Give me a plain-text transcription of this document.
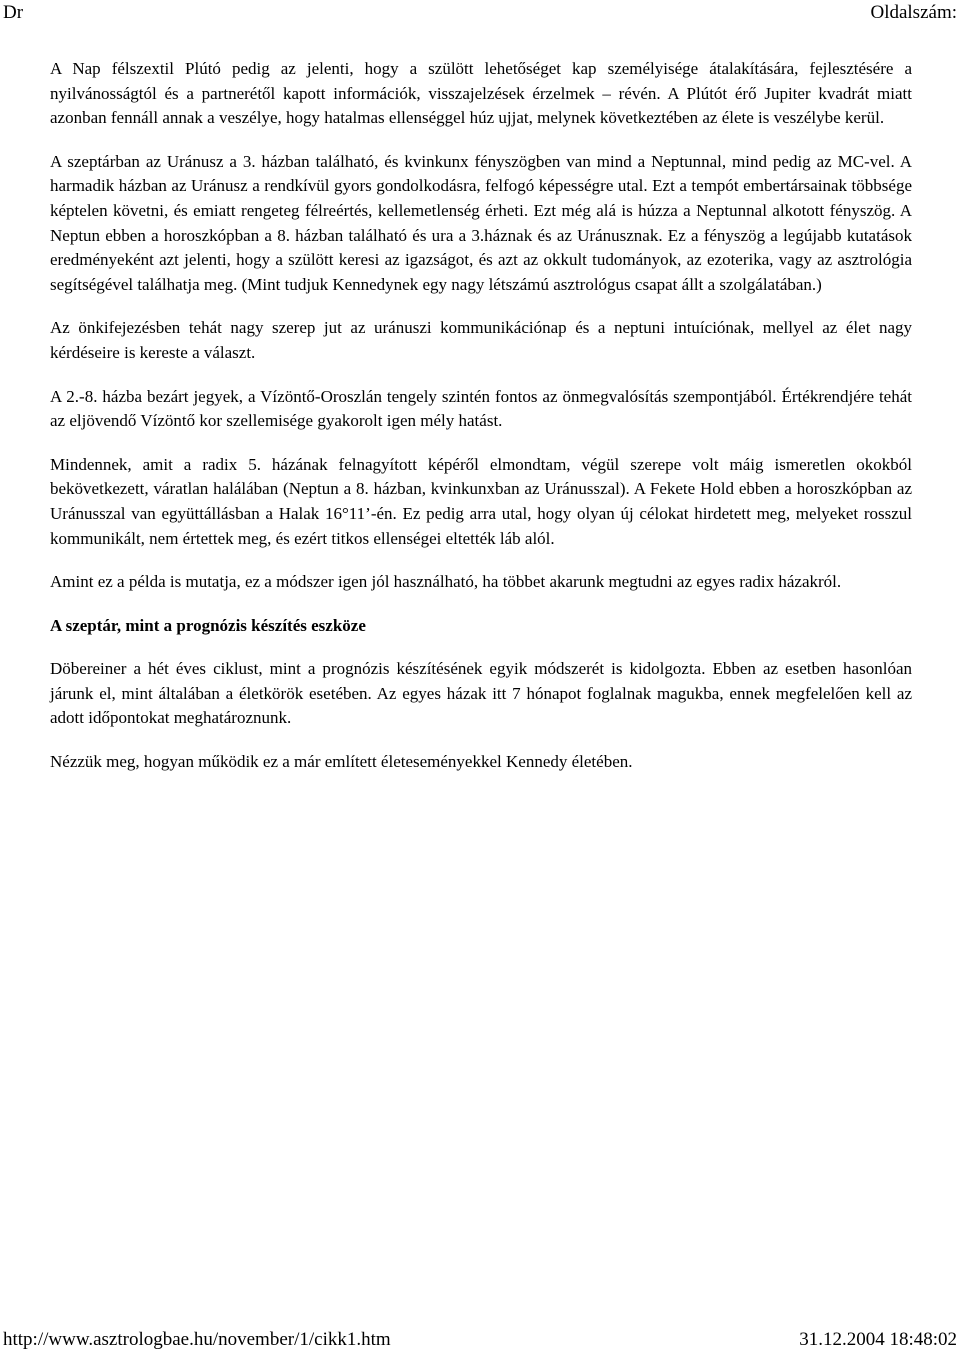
Dr	Oldalszám:

A Nap félszextil Plútó pedig az jelenti, hogy a szülött lehetőséget kap személyisége átalakítására, fejlesztésére a nyilvánosságtól és a partnerétől kapott információk, visszajelzések érzelmek – révén. A Plútót érő Jupiter kvadrát miatt azonban fennáll annak a veszélye, hogy hatalmas ellenséggel húz ujjat, melynek következtében az élete is veszélybe kerül.

A szeptárban az Uránusz a 3. házban található, és kvinkunx fényszögben van mind a Neptunnal, mind pedig az MC-vel. A harmadik házban az Uránusz a rendkívül gyors gondolkodásra, felfogó képességre utal. Ezt a tempót embertársainak többsége képtelen követni, és emiatt rengeteg félreértés, kellemetlenség érheti. Ezt még alá is húzza a Neptunnal alkotott fényszög. A Neptun ebben a horoszkópban a 8. házban található és ura a 3.háznak és az Uránusznak. Ez a fényszög a legújabb kutatások eredményeként azt jelenti, hogy a szülött keresi az igazságot, és azt az okkult tudományok, az ezoterika, vagy az asztrológia segítségével találhatja meg. (Mint tudjuk Kennedynek egy nagy létszámú asztrológus csapat állt a szolgálatában.)

Az önkifejezésben tehát nagy szerep jut az uránuszi kommunikációnap és a neptuni intuíciónak, mellyel az élet nagy kérdéseire is kereste a választ.

A 2.-8. házba bezárt jegyek, a Vízöntő-Oroszlán tengely szintén fontos az önmegvalósítás szempontjából. Értékrendjére tehát az eljövendő Vízöntő kor szellemisége gyakorolt igen mély hatást.

Mindennek, amit a radix 5. házának felnagyított képéről elmondtam, végül szerepe volt máig ismeretlen okokból bekövetkezett, váratlan halálában (Neptun a 8. házban, kvinkunxban az Uránusszal). A Fekete Hold ebben a horoszkópban az Uránusszal van együttállásban a Halak 16°11’-én. Ez pedig arra utal, hogy olyan új célokat hirdetett meg, melyeket rosszul kommunikált, nem értettek meg, és ezért titkos ellenségei eltették láb alól.

Amint ez a példa is mutatja, ez a módszer igen jól használható, ha többet akarunk megtudni az egyes radix házakról.

A szeptár, mint a prognózis készítés eszköze

Döbereiner a hét éves ciklust, mint a prognózis készítésének egyik módszerét is kidolgozta. Ebben az esetben hasonlóan járunk el, mint általában a életkörök esetében. Az egyes házak itt 7 hónapot foglalnak magukba, ennek megfelelően kell az adott időpontokat meghatároznunk.

Nézzük meg, hogyan működik ez a már említett életeseményekkel Kennedy életében.

http://www.asztrologbae.hu/november/1/cikk1.htm	31.12.2004 18:48:02
